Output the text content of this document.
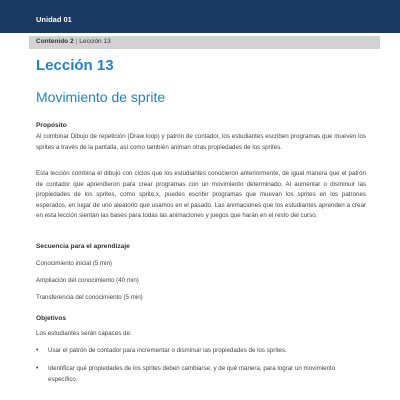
Unidad 01
Contenido 2 | Lección 13
Lección 13
Movimiento de sprite
Propósito

Al combinar Dibujo de repetición (Draw loop) y patrón de contador, los estudiantes escriben programas que mueven los sprites a través de la pantalla, así como también animan otras propiedades de los sprites.

Esta lección combina el dibujo con ciclos que los estudiantes conocieron anteriormente, de igual manera que el patrón de contador que aprendieron para crear programas con un movimiento determinado. Al aumentar o disminuir las propiedades de los sprites, como sprite.x, puedes escribir programas que muevan los sprites en los patrones esperados, en lugar de uno aleatorio que usamos en el pasado. Las animaciones que los estudiantes aprenden a crear en esta lección sientan las bases para todas las animaciones y juegos que harán en el resto del curso.

Secuencia para el aprendizaje

Conocimiento inicial (5 min)

Ampliación del conocimiento (40 min)

Transferencia del conocimiento (5 min)

Objetivos

Los estudiantes serán capaces de:

• Usar el patrón de contador para incrementar o disminuir las propiedades de los sprites.
• Identificar qué propiedades de los sprites deben cambiarse, y de qué manera, para lograr un movimiento específico.
